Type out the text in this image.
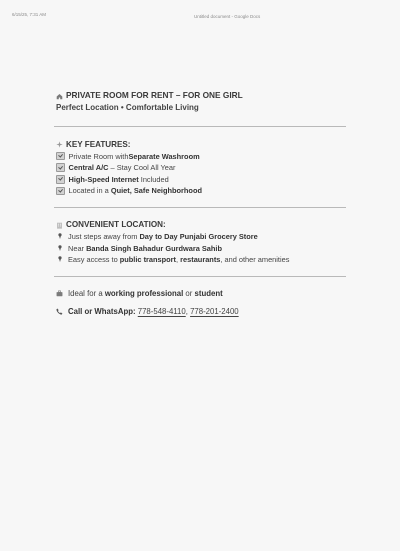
6/15/25, 7:31 AM	Untitled document - Google Docs
PRIVATE ROOM FOR RENT – FOR ONE GIRL
Perfect Location • Comfortable Living
KEY FEATURES:
Private Room with Separate Washroom
Central A/C – Stay Cool All Year
High-Speed Internet Included
Located in a Quiet, Safe Neighborhood
CONVENIENT LOCATION:
Just steps away from Day to Day Punjabi Grocery Store
Near Banda Singh Bahadur Gurdwara Sahib
Easy access to public transport , restaurants , and other amenities
Ideal for a working professional or student
Call or WhatsApp:
778-548-4110 , 778-201-2400
